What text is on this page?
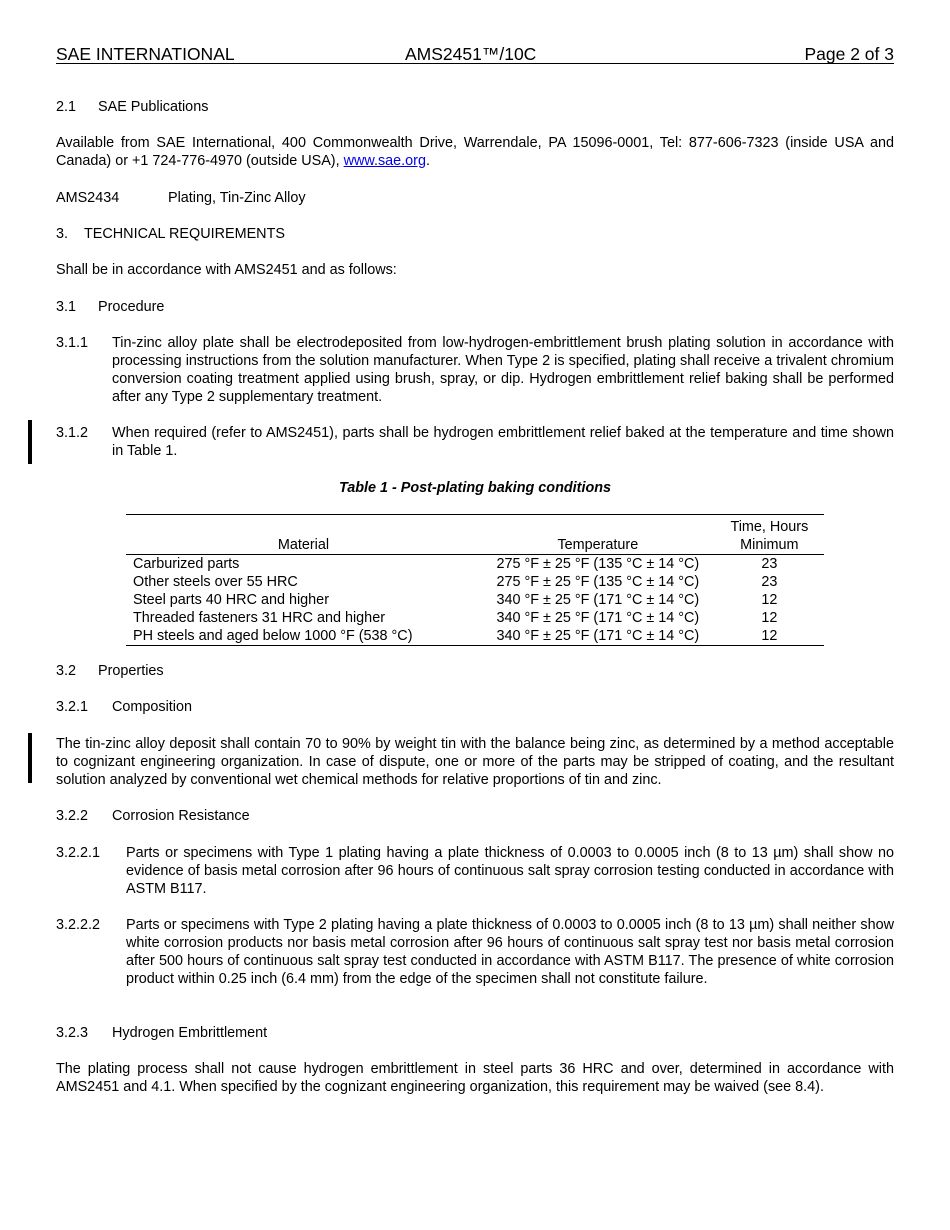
SAE INTERNATIONAL	AMS2451™/10C	Page 2 of 3
2.1 SAE Publications
Available from SAE International, 400 Commonwealth Drive, Warrendale, PA 15096-0001, Tel: 877-606-7323 (inside USA and Canada) or +1 724-776-4970 (outside USA), www.sae.org.
AMS2434	Plating, Tin-Zinc Alloy
3. TECHNICAL REQUIREMENTS
Shall be in accordance with AMS2451 and as follows:
3.1 Procedure
3.1.1 Tin-zinc alloy plate shall be electrodeposited from low-hydrogen-embrittlement brush plating solution in accordance with processing instructions from the solution manufacturer. When Type 2 is specified, plating shall receive a trivalent chromium conversion coating treatment applied using brush, spray, or dip. Hydrogen embrittlement relief baking shall be performed after any Type 2 supplementary treatment.
3.1.2 When required (refer to AMS2451), parts shall be hydrogen embrittlement relief baked at the temperature and time shown in Table 1.
Table 1 - Post-plating baking conditions
Material	Temperature	Time, Hours
Minimum

Carburized parts	275 °F ± 25 °F (135 °C ± 14 °C)	23
Other steels over 55 HRC	275 °F ± 25 °F (135 °C ± 14 °C)	23
Steel parts 40 HRC and higher	340 °F ± 25 °F (171 °C ± 14 °C)	12
Threaded fasteners 31 HRC and higher	340 °F ± 25 °F (171 °C ± 14 °C)	12
PH steels and aged below 1000 °F (538 °C)	340 °F ± 25 °F (171 °C ± 14 °C)	12
3.2 Properties
3.2.1 Composition
The tin-zinc alloy deposit shall contain 70 to 90% by weight tin with the balance being zinc, as determined by a method acceptable to cognizant engineering organization. In case of dispute, one or more of the parts may be stripped of coating, and the resultant solution analyzed by conventional wet chemical methods for relative proportions of tin and zinc.
3.2.2 Corrosion Resistance
3.2.2.1 Parts or specimens with Type 1 plating having a plate thickness of 0.0003 to 0.0005 inch (8 to 13 µm) shall show no evidence of basis metal corrosion after 96 hours of continuous salt spray corrosion testing conducted in accordance with ASTM B117.
3.2.2.2 Parts or specimens with Type 2 plating having a plate thickness of 0.0003 to 0.0005 inch (8 to 13 µm) shall neither show white corrosion products nor basis metal corrosion after 96 hours of continuous salt spray test nor basis metal corrosion after 500 hours of continuous salt spray test conducted in accordance with ASTM B117. The presence of white corrosion product within 0.25 inch (6.4 mm) from the edge of the specimen shall not constitute failure.
3.2.3 Hydrogen Embrittlement
The plating process shall not cause hydrogen embrittlement in steel parts 36 HRC and over, determined in accordance with AMS2451 and 4.1. When specified by the cognizant engineering organization, this requirement may be waived (see 8.4).
